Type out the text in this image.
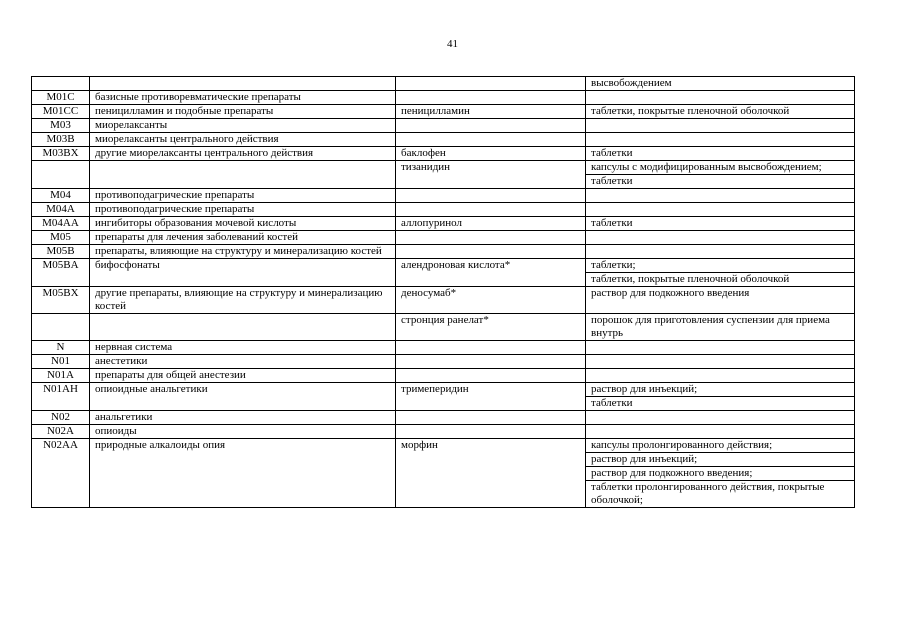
41

			высвобождением

M01C	базисные противоревматические препараты		

M01CC	пеницилламин и подобные препараты	пеницилламин	таблетки, покрытые пленочной оболочкой

M03	миорелаксанты		

M03B	миорелаксанты центрального действия		

M03BX	другие миорелаксанты центрального действия	баклофен	таблетки

		тизанидин	капсулы с модифицированным высвобождением;
таблетки

M04	противоподагрические препараты		

M04A	противоподагрические препараты		

M04AA	ингибиторы образования мочевой кислоты	аллопуринол	таблетки

M05	препараты для лечения заболеваний костей		

M05B	препараты, влияющие на структуру и минерализацию костей		

M05BA	бифосфонаты	алендроновая кислота*	таблетки;
таблетки, покрытые пленочной оболочкой

M05BX	другие препараты, влияющие на структуру и минерализацию костей	деносумаб*	раствор для подкожного введения

		стронция ранелат*	порошок для приготовления суспензии для приема внутрь

N	нервная система		

N01	анестетики		

N01A	препараты для общей анестезии		

N01AH	опиоидные анальгетики	тримеперидин	раствор для инъекций;
таблетки

N02	анальгетики		

N02A	опиоиды		

N02AA	природные алкалоиды опия	морфин	капсулы пролонгированного действия;
раствор для инъекций;
раствор для подкожного введения;
таблетки пролонгированного действия, покрытые оболочкой;
